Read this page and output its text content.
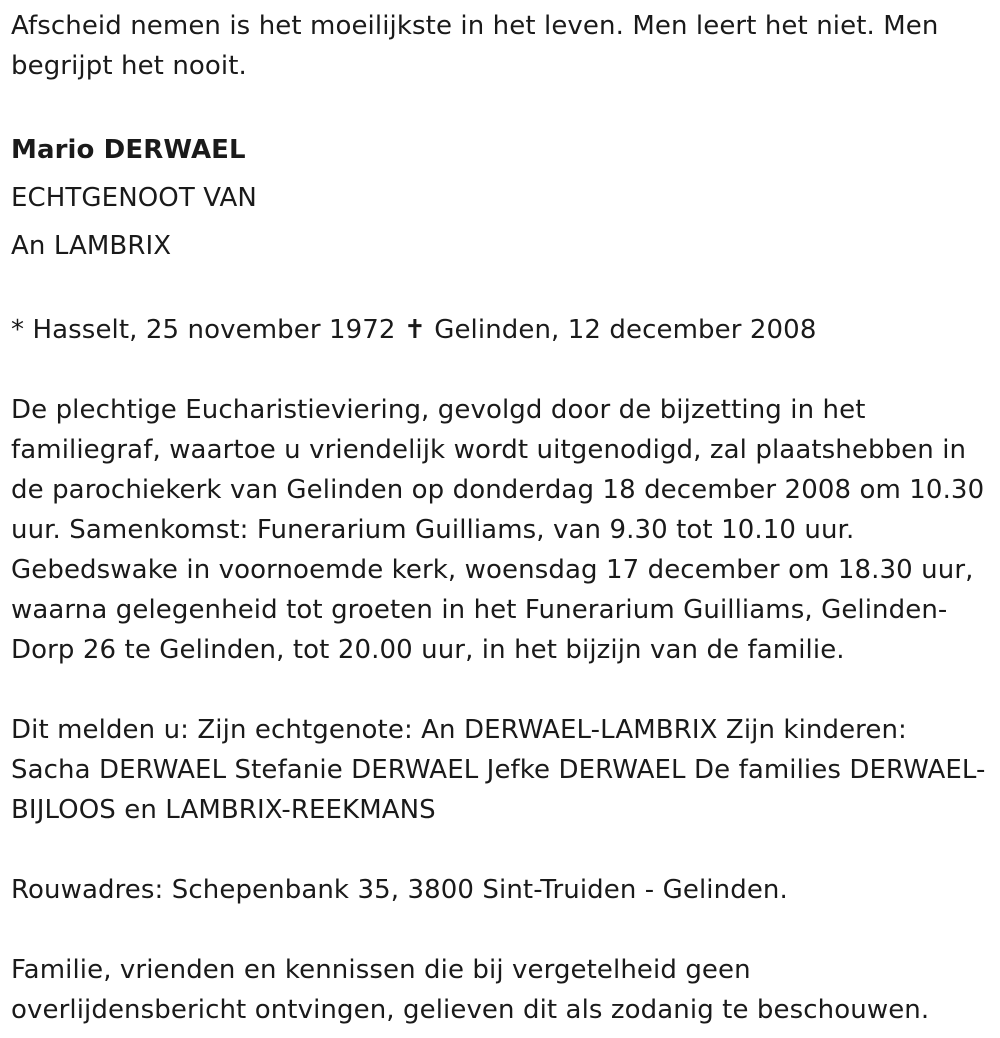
Afscheid nemen is het moeilijkste in het leven. Men leert het niet. Men begrijpt het nooit.

Mario DERWAEL

ECHTGENOOT VAN

An LAMBRIX

* Hasselt, 25 november 1972 ✝ Gelinden, 12 december 2008

De plechtige Eucharistieviering, gevolgd door de bijzetting in het familiegraf, waartoe u vriendelijk wordt uitgenodigd, zal plaatshebben in de parochiekerk van Gelinden op donderdag 18 december 2008 om 10.30 uur. Samenkomst: Funerarium Guilliams, van 9.30 tot 10.10 uur. Gebedswake in voornoemde kerk, woensdag 17 december om 18.30 uur, waarna gelegenheid tot groeten in het Funerarium Guilliams, Gelinden-Dorp 26 te Gelinden, tot 20.00 uur, in het bijzijn van de familie.

Dit melden u: Zijn echtgenote: An DERWAEL-LAMBRIX Zijn kinderen: Sacha DERWAEL Stefanie DERWAEL Jefke DERWAEL De families DERWAEL-BIJLOOS en LAMBRIX-REEKMANS

Rouwadres: Schepenbank 35, 3800 Sint-Truiden - Gelinden.

Familie, vrienden en kennissen die bij vergetelheid geen overlijdensbericht ontvingen, gelieven dit als zodanig te beschouwen.
